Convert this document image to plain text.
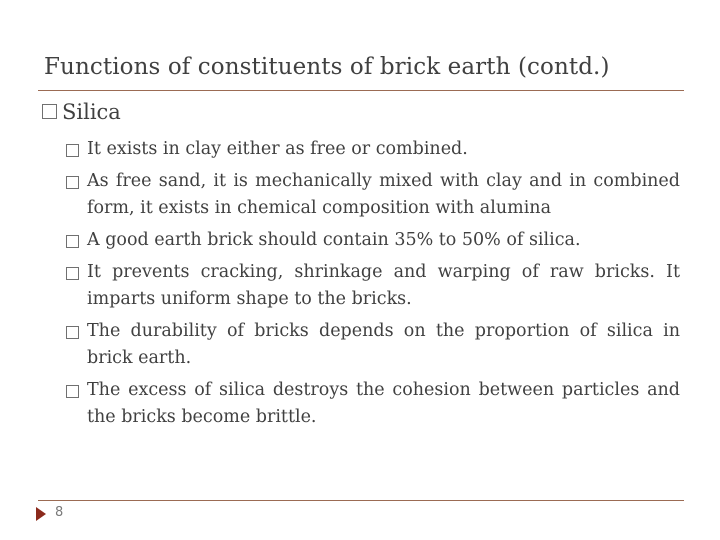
Functions of constituents of brick earth (contd.)
Silica
It exists in clay either as free or combined.
As free sand, it is mechanically mixed with clay and in combined form, it exists in chemical composition with alumina
A good earth brick should contain 35% to 50% of silica.
It prevents cracking, shrinkage and warping of raw bricks. It imparts uniform shape to the bricks.
The durability of bricks depends on the proportion of silica in brick earth.
The excess of silica destroys the cohesion between particles and the bricks become brittle.
8
